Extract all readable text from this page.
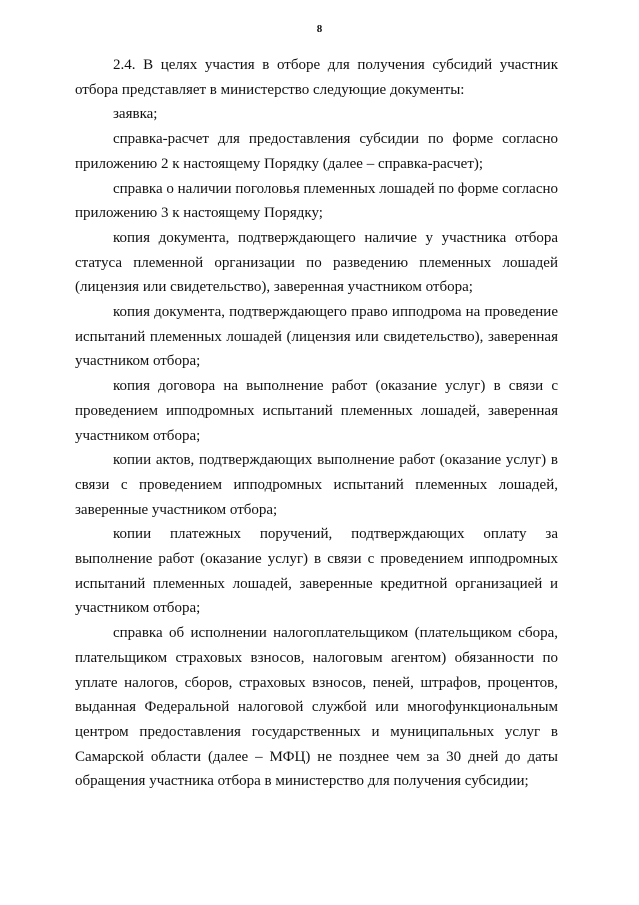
8

2.4. В целях участия в отборе для получения субсидий участник отбора представляет в министерство следующие документы:

заявка;

справка-расчет для предоставления субсидии по форме согласно приложению 2 к настоящему Порядку (далее – справка-расчет);

справка о наличии поголовья племенных лошадей по форме согласно приложению 3 к настоящему Порядку;

копия документа, подтверждающего наличие у участника отбора статуса племенной организации по разведению племенных лошадей (лицензия или свидетельство), заверенная участником отбора;

копия документа, подтверждающего право ипподрома на проведение испытаний племенных лошадей (лицензия или свидетельство), заверенная участником отбора;

копия договора на выполнение работ (оказание услуг) в связи с проведением ипподромных испытаний племенных лошадей, заверенная участником отбора;

копии актов, подтверждающих выполнение работ (оказание услуг) в связи с проведением ипподромных испытаний племенных лошадей, заверенные участником отбора;

копии платежных поручений, подтверждающих оплату за выполнение работ (оказание услуг) в связи с проведением ипподромных испытаний племенных лошадей, заверенные кредитной организацией и участником отбора;

справка об исполнении налогоплательщиком (плательщиком сбора, плательщиком страховых взносов, налоговым агентом) обязанности по уплате налогов, сборов, страховых взносов, пеней, штрафов, процентов, выданная Федеральной налоговой службой или многофункциональным центром предоставления государственных и муниципальных услуг в Самарской области (далее – МФЦ) не позднее чем за 30 дней до даты обращения участника отбора в министерство для получения субсидии;
